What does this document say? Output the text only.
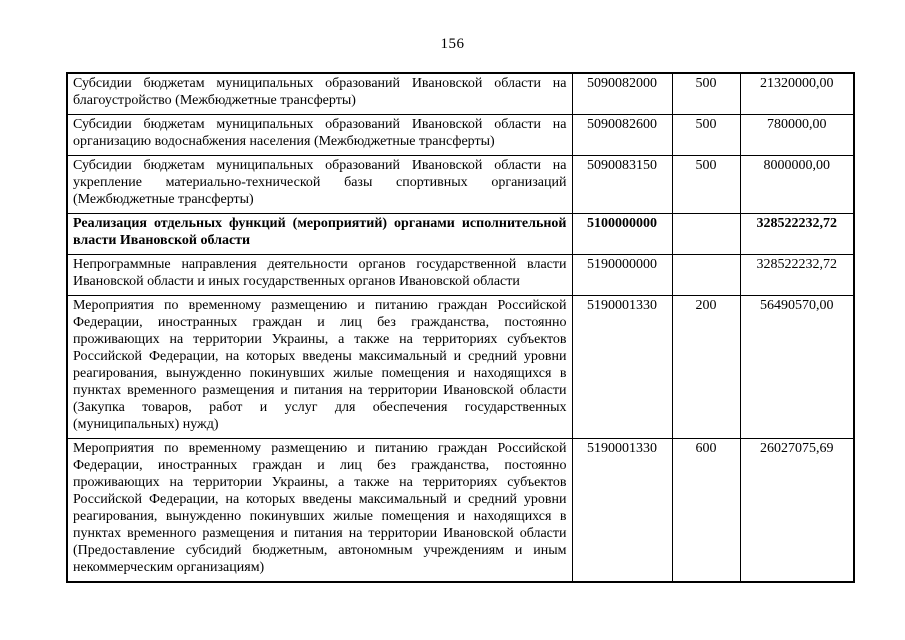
156
Субсидии бюджетам муниципальных образований Ивановской области на благоустройство (Межбюджетные трансферты)	5090082000	500	21320000,00
Субсидии бюджетам муниципальных образований Ивановской области на организацию водоснабжения населения (Межбюджетные трансферты)	5090082600	500	780000,00
Субсидии бюджетам муниципальных образований Ивановской области на укрепление материально-технической базы спортивных организаций (Межбюджетные трансферты)	5090083150	500	8000000,00
Реализация отдельных функций (мероприятий) органами исполнительной власти Ивановской области	5100000000		328522232,72
Непрограммные направления деятельности органов государственной власти Ивановской области и иных государственных органов Ивановской области	5190000000		328522232,72
Мероприятия по временному размещению и питанию граждан Российской Федерации, иностранных граждан и лиц без гражданства, постоянно проживающих на территории Украины, а также на территориях субъектов Российской Федерации, на которых введены максимальный и средний уровни реагирования, вынужденно покинувших жилые помещения и находящихся в пунктах временного размещения и питания на территории Ивановской области (Закупка товаров, работ и услуг для обеспечения государственных (муниципальных) нужд)	5190001330	200	56490570,00
Мероприятия по временному размещению и питанию граждан Российской Федерации, иностранных граждан и лиц без гражданства, постоянно проживающих на территории Украины, а также на территориях субъектов Российской Федерации, на которых введены максимальный и средний уровни реагирования, вынужденно покинувших жилые помещения и находящихся в пунктах временного размещения и питания на территории Ивановской области (Предоставление субсидий бюджетным, автономным учреждениям и иным некоммерческим организациям)	5190001330	600	26027075,69
